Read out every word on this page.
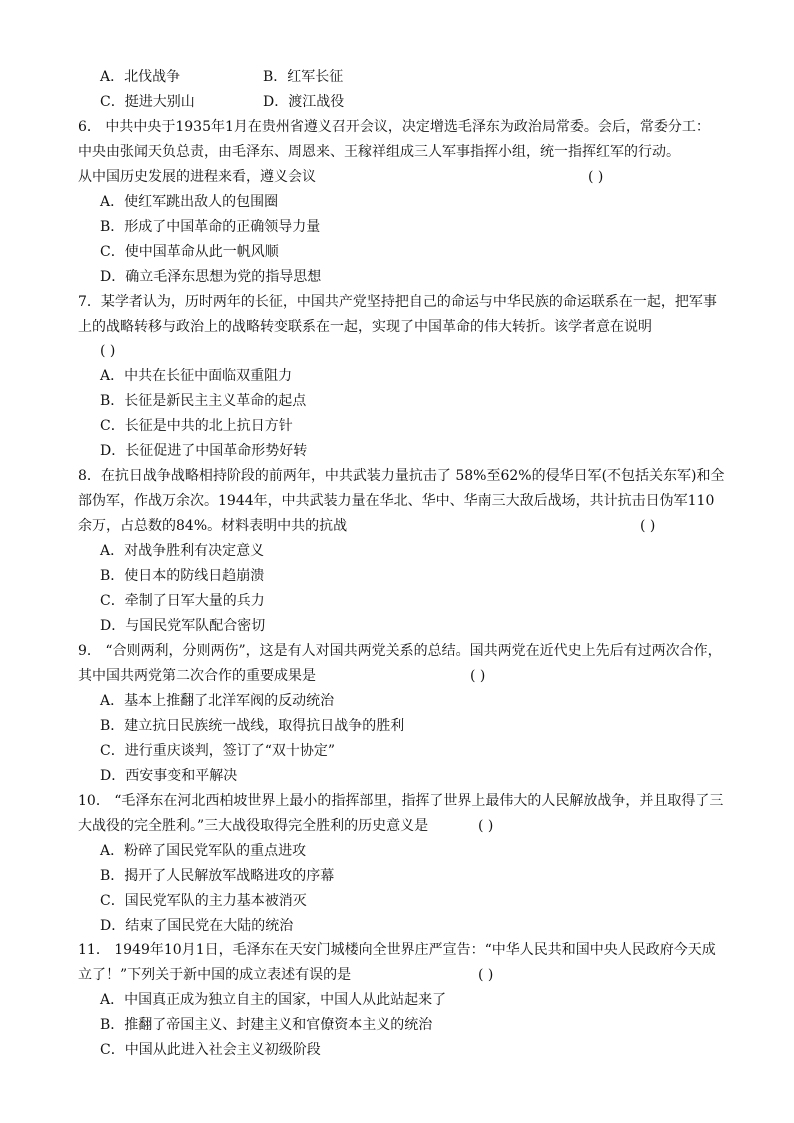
A．北伐战争	B．红军长征
C．挺进大别山	D．渡江战役
6． 中共中央于1935年1月在贵州省遵义召开会议，决定增选毛泽东为政治局常委。会后，常委分工：
中央由张闻天负总责，由毛泽东、周恩来、王稼祥组成三人军事指挥小组，统一指挥红军的行动。
从中国历史发展的进程来看，遵义会议	( )
A．使红军跳出敌人的包围圈
B．形成了中国革命的正确领导力量
C．使中国革命从此一帆风顺
D．确立毛泽东思想为党的指导思想
7．某学者认为，历时两年的长征，中国共产党坚持把自己的命运与中华民族的命运联系在一起，把军事
上的战略转移与政治上的战略转变联系在一起，实现了中国革命的伟大转折。该学者意在说明
( )
A．中共在长征中面临双重阻力
B．长征是新民主主义革命的起点
C．长征是中共的北上抗日方针
D．长征促进了中国革命形势好转
8．在抗日战争战略相持阶段的前两年，中共武装力量抗击了 58%至62%的侵华日军(不包括关东军)和全
部伪军，作战万余次。1944年，中共武装力量在华北、华中、华南三大敌后战场，共计抗击日伪军110
余万，占总数的84%。材料表明中共的抗战	( )
A．对战争胜利有决定意义
B．使日本的防线日趋崩溃
C．牵制了日军大量的兵力
D．与国民党军队配合密切
9． “合则两利，分则两伤”，这是有人对国共两党关系的总结。国共两党在近代史上先后有过两次合作，
其中国共两党第二次合作的重要成果是	( )
A．基本上推翻了北洋军阀的反动统治
B．建立抗日民族统一战线，取得抗日战争的胜利
C．进行重庆谈判，签订了“双十协定”
D．西安事变和平解决
10． “毛泽东在河北西柏坡世界上最小的指挥部里，指挥了世界上最伟大的人民解放战争，并且取得了三
大战役的完全胜利。”三大战役取得完全胜利的历史意义是	( )
A．粉碎了国民党军队的重点进攻
B．揭开了人民解放军战略进攻的序幕
C．国民党军队的主力基本被消灭
D．结束了国民党在大陆的统治
11． 1949年10月1日，毛泽东在天安门城楼向全世界庄严宣告：“中华人民共和国中央人民政府今天成
立了！”下列关于新中国的成立表述有误的是	( )
A．中国真正成为独立自主的国家，中国人从此站起来了
B．推翻了帝国主义、封建主义和官僚资本主义的统治
C．中国从此进入社会主义初级阶段
